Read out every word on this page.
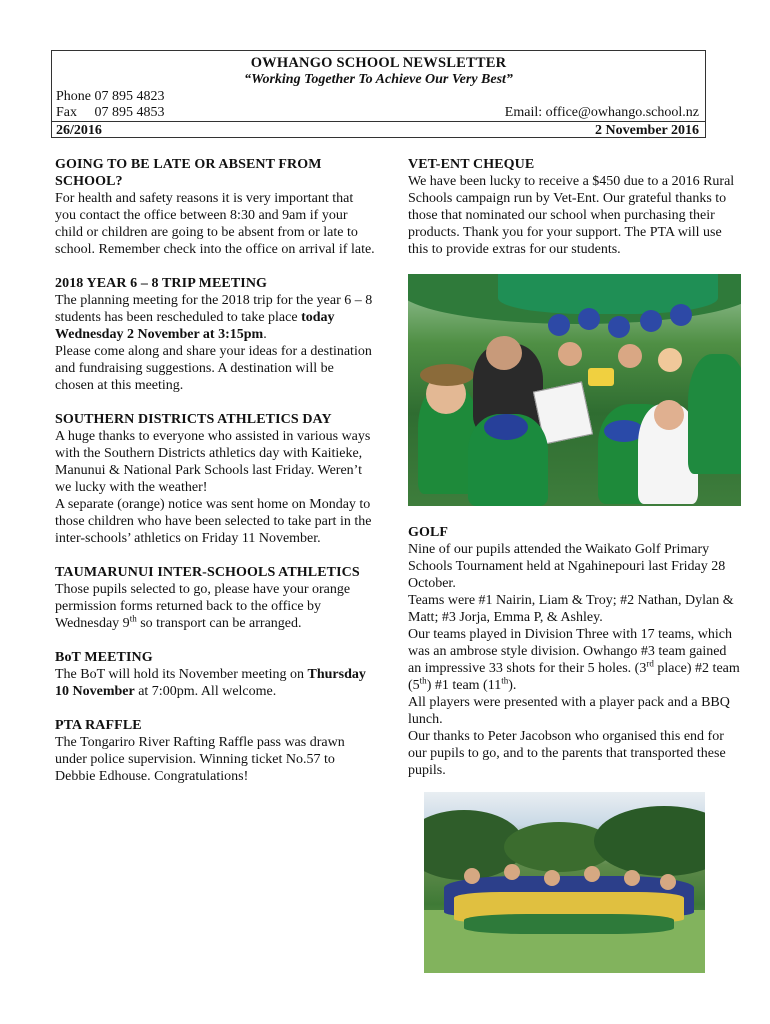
OWHANGO SCHOOL NEWSLETTER
“Working Together To Achieve Our Very Best”
Phone 07 895 4823
Fax     07 895 4853	Email: office@owhango.school.nz
26/2016	2 November 2016
GOING TO BE LATE OR ABSENT FROM SCHOOL?

For health and safety reasons it is very important that you contact the office between 8:30 and 9am if your child or children are going to be absent from or late to school. Remember check into the office on arrival if late.

2018 YEAR 6 – 8 TRIP MEETING

The planning meeting for the 2018 trip for the year 6 – 8 students has been rescheduled to take place today Wednesday 2 November at 3:15pm.

Please come along and share your ideas for a destination and fundraising suggestions. A destination will be chosen at this meeting.

SOUTHERN DISTRICTS ATHLETICS DAY

A huge thanks to everyone who assisted in various ways with the Southern Districts athletics day with Kaitieke, Manunui & National Park Schools last Friday. Weren’t we lucky with the weather!

A separate (orange) notice was sent home on Monday to those children who have been selected to take part in the inter-schools’ athletics on Friday 11 November.

TAUMARUNUI INTER-SCHOOLS ATHLETICS

Those pupils selected to go, please have your orange permission forms returned back to the office by Wednesday 9th so transport can be arranged.

BoT MEETING

The BoT will hold its November meeting on Thursday 10 November at 7:00pm. All welcome.

PTA RAFFLE

The Tongariro River Rafting Raffle pass was drawn under police supervision. Winning ticket No.57 to Debbie Edhouse. Congratulations!

VET-ENT CHEQUE

We have been lucky to receive a $450 due to a 2016 Rural Schools campaign run by Vet-Ent. Our grateful thanks to those that nominated our school when purchasing their products. Thank you for your support. The PTA will use this to provide extras for our students.

GOLF

Nine of our pupils attended the Waikato Golf Primary Schools Tournament held at Ngahinepouri last Friday 28 October.

Teams were #1 Nairin, Liam & Troy; #2 Nathan, Dylan & Matt; #3 Jorja, Emma P, & Ashley.

Our teams played in Division Three with 17 teams, which was an ambrose style division. Owhango #3 team gained an impressive 33 shots for their 5 holes. (3rd place) #2 team (5th) #1 team (11th).

All players were presented with a player pack and a BBQ lunch.

Our thanks to Peter Jacobson who organised this end for our pupils to go, and to the parents that transported these pupils.
